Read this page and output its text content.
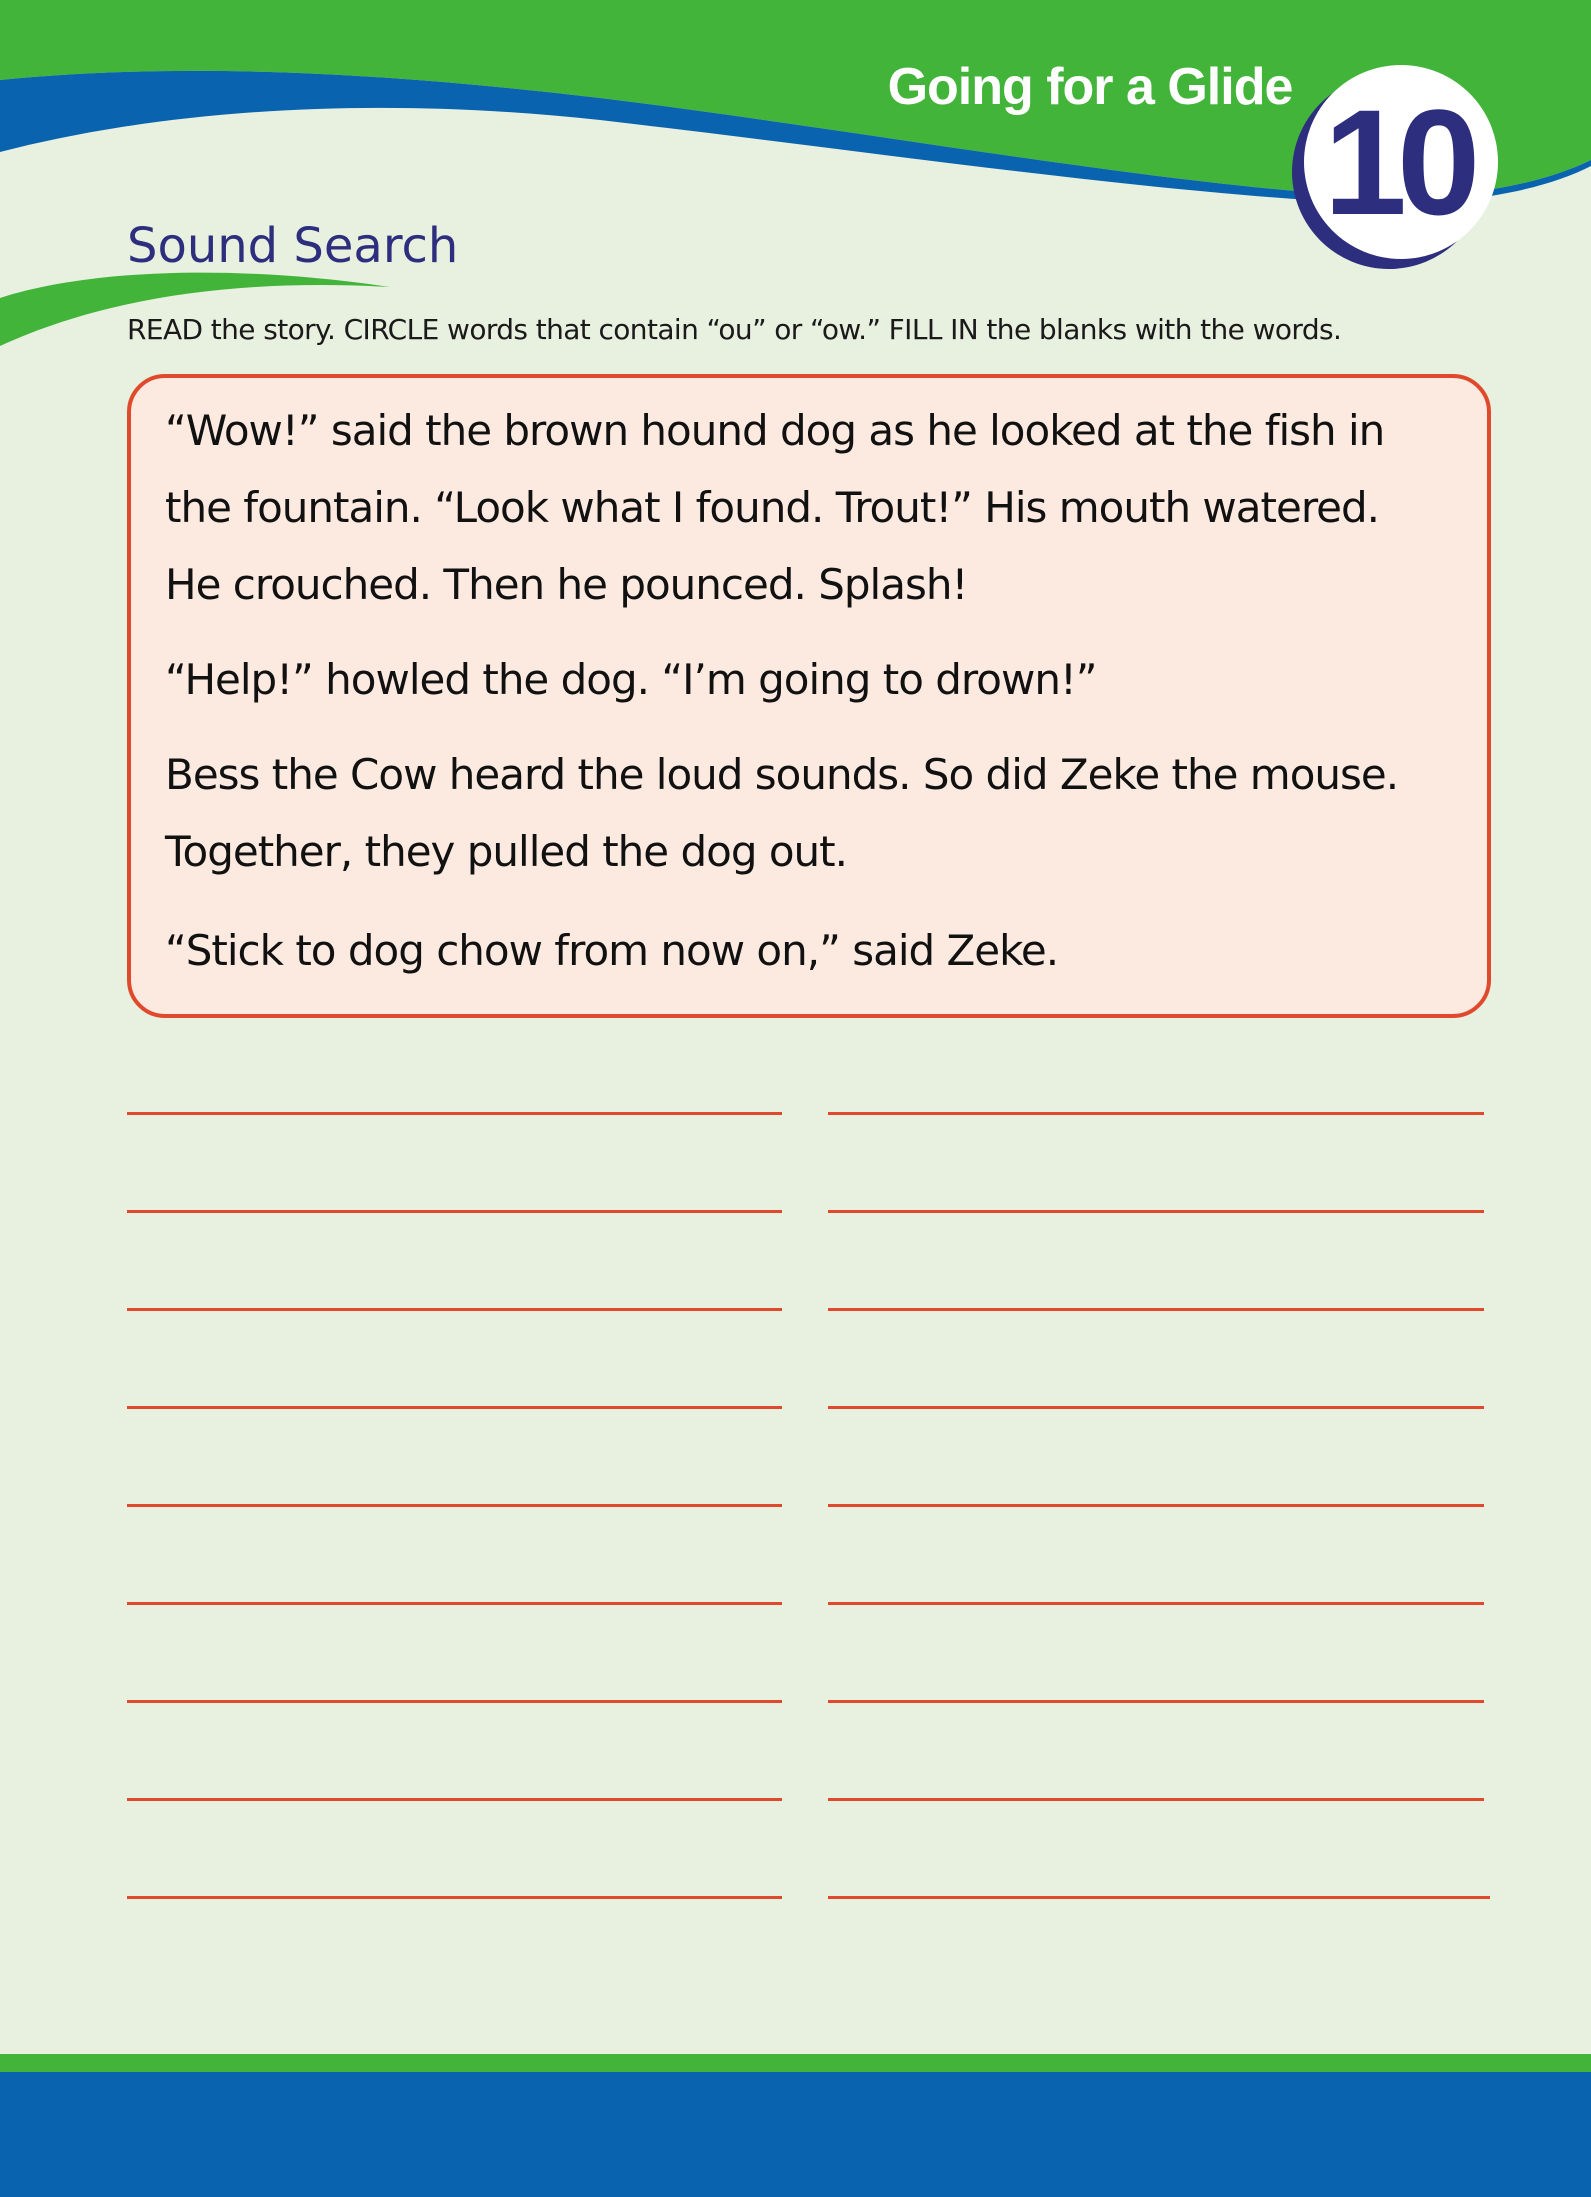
Going for a Glide 10
Sound Search
READ the story. CIRCLE words that contain “ou” or “ow.” FILL IN the blanks with the words.

“Wow!” said the brown hound dog as he looked at the fish in
the fountain. “Look what I found. Trout!” His mouth watered.
He crouched. Then he pounced. Splash!

“Help!” howled the dog. “I’m going to drown!”

Bess the Cow heard the loud sounds. So did Zeke the mouse.
Together, they pulled the dog out.

“Stick to dog chow from now on,” said Zeke.
